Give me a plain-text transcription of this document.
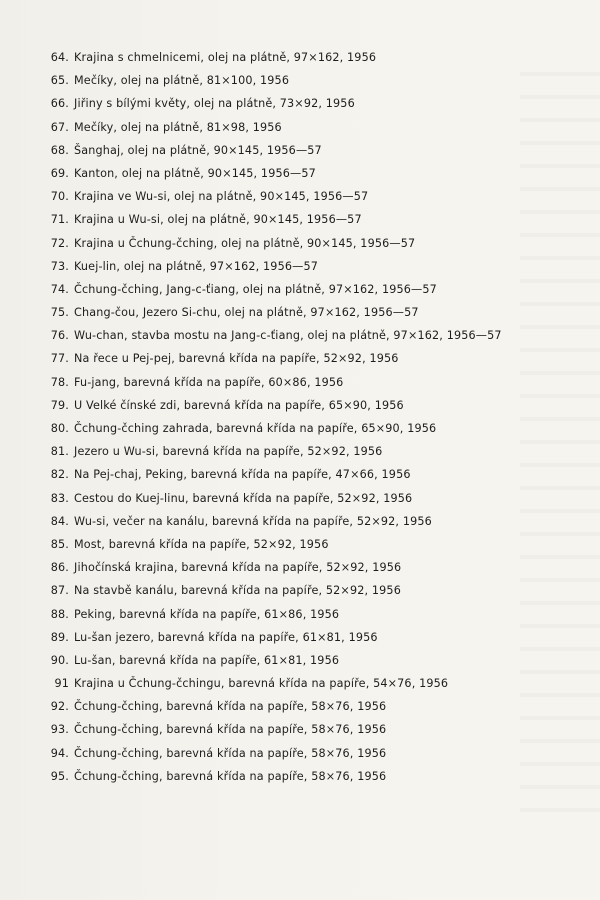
64. Krajina s chmelnicemi, olej na plátně, 97×162, 1956
65. Mečíky, olej na plátně, 81×100, 1956
66. Jiřiny s bílými květy, olej na plátně, 73×92, 1956
67. Mečíky, olej na plátně, 81×98, 1956
68. Šanghaj, olej na plátně, 90×145, 1956—57
69. Kanton, olej na plátně, 90×145, 1956—57
70. Krajina ve Wu-si, olej na plátně, 90×145, 1956—57
71. Krajina u Wu-si, olej na plátně, 90×145, 1956—57
72. Krajina u Čchung-čching, olej na plátně, 90×145, 1956—57
73. Kuej-lin, olej na plátně, 97×162, 1956—57
74. Čchung-čching, Jang-c-ťiang, olej na plátně, 97×162, 1956—57
75. Chang-čou, Jezero Si-chu, olej na plátně, 97×162, 1956—57
76. Wu-chan, stavba mostu na Jang-c-ťiang, olej na plátně, 97×162, 1956—57
77. Na řece u Pej-pej, barevná křída na papíře, 52×92, 1956
78. Fu-jang, barevná křída na papíře, 60×86, 1956
79. U Velké čínské zdi, barevná křída na papíře, 65×90, 1956
80. Čchung-čching zahrada, barevná křída na papíře, 65×90, 1956
81. Jezero u Wu-si, barevná křída na papíře, 52×92, 1956
82. Na Pej-chaj, Peking, barevná křída na papíře, 47×66, 1956
83. Cestou do Kuej-linu, barevná křída na papíře, 52×92, 1956
84. Wu-si, večer na kanálu, barevná křída na papíře, 52×92, 1956
85. Most, barevná křída na papíře, 52×92, 1956
86. Jihočínská krajina, barevná křída na papíře, 52×92, 1956
87. Na stavbě kanálu, barevná křída na papíře, 52×92, 1956
88. Peking, barevná křída na papíře, 61×86, 1956
89. Lu-šan jezero, barevná křída na papíře, 61×81, 1956
90. Lu-šan, barevná křída na papíře, 61×81, 1956
91 Krajina u Čchung-čchingu, barevná křída na papíře, 54×76, 1956
92. Čchung-čching, barevná křída na papíře, 58×76, 1956
93. Čchung-čching, barevná křída na papíře, 58×76, 1956
94. Čchung-čching, barevná křída na papíře, 58×76, 1956
95. Čchung-čching, barevná křída na papíře, 58×76, 1956
